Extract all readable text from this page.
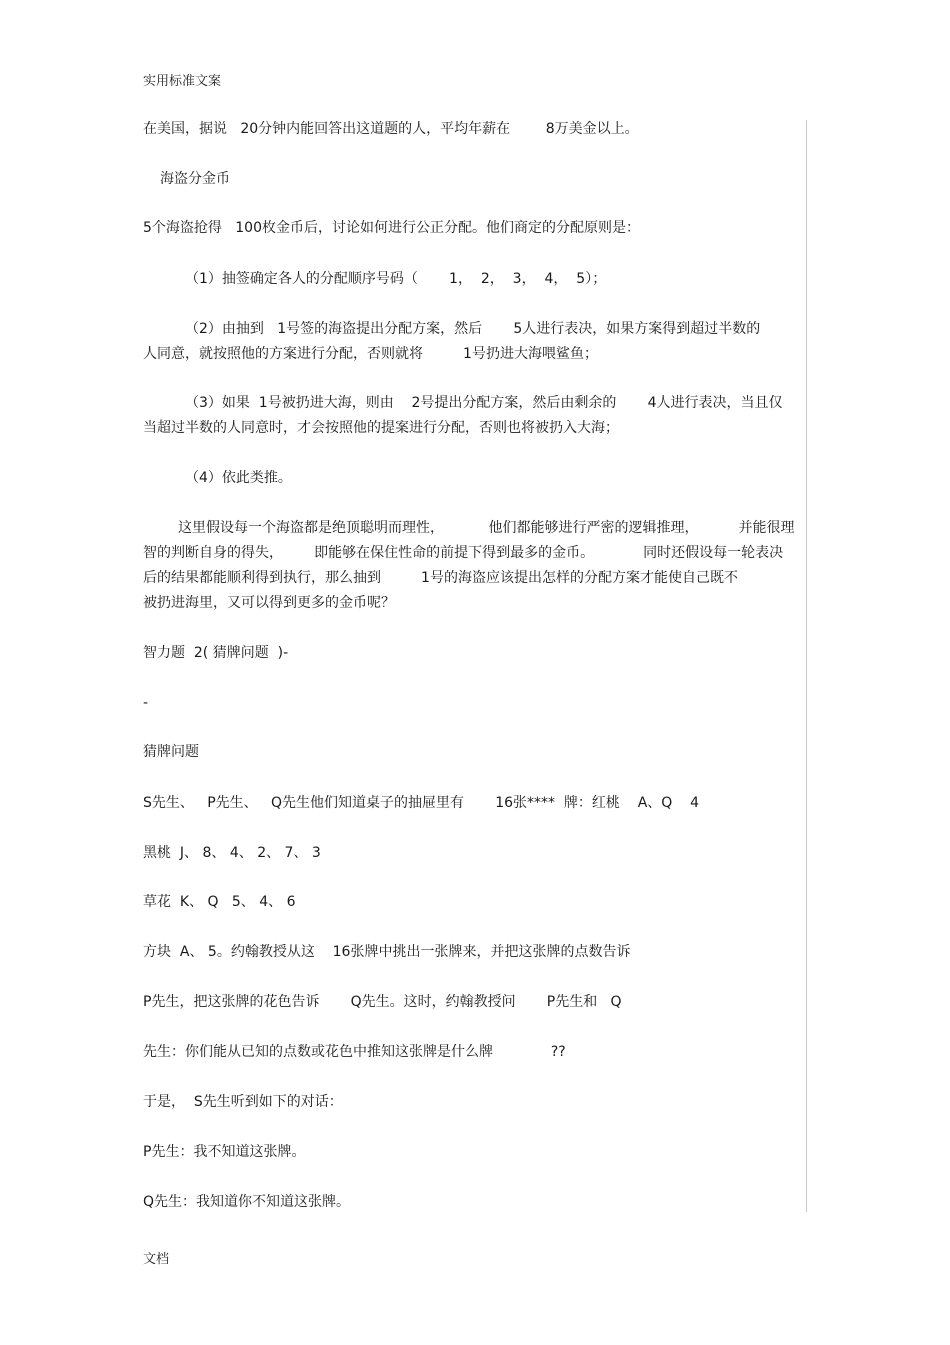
实用标准文案
在美国，据说   20分钟内能回答出这道题的人，平均年薪在        8万美金以上。
海盗分金币
5个海盗抢得   100枚金币后，讨论如何进行公正分配。他们商定的分配原则是：
（1）抽签确定各人的分配顺序号码（       1，  2，  3，  4，  5）；
（2）由抽到   1号签的海盗提出分配方案，然后       5人进行表决，如果方案得到超过半数的
人同意，就按照他的方案进行分配，否则就将         1号扔进大海喂鲨鱼；
（3）如果  1号被扔进大海，则由    2号提出分配方案，然后由剩余的       4人进行表决，当且仅
当超过半数的人同意时，才会按照他的提案进行分配，否则也将被扔入大海；
（4）依此类推。
这里假设每一个海盗都是绝顶聪明而理性，          他们都能够进行严密的逻辑推理，         并能很理
智的判断自身的得失，       即能够在保住性命的前提下得到最多的金币。           同时还假设每一轮表决
后的结果都能顺利得到执行，那么抽到         1号的海盗应该提出怎样的分配方案才能使自己既不
被扔进海里，又可以得到更多的金币呢？
智力题  2( 猜牌问题  )-
-
猜牌问题
S先生、   P先生、   Q先生他们知道桌子的抽屉里有       16张****  牌：红桃    A、Q    4
黑桃  J、 8、 4、 2、 7、 3
草花  K、 Q   5、 4、 6
方块  A、 5。约翰教授从这    16张牌中挑出一张牌来，并把这张牌的点数告诉
P先生，把这张牌的花色告诉       Q先生。这时，约翰教授问       P先生和   Q
先生：你们能从已知的点数或花色中推知这张牌是什么牌             ??
于是，  S先生听到如下的对话：
P先生：我不知道这张牌。
Q先生：我知道你不知道这张牌。
文档
